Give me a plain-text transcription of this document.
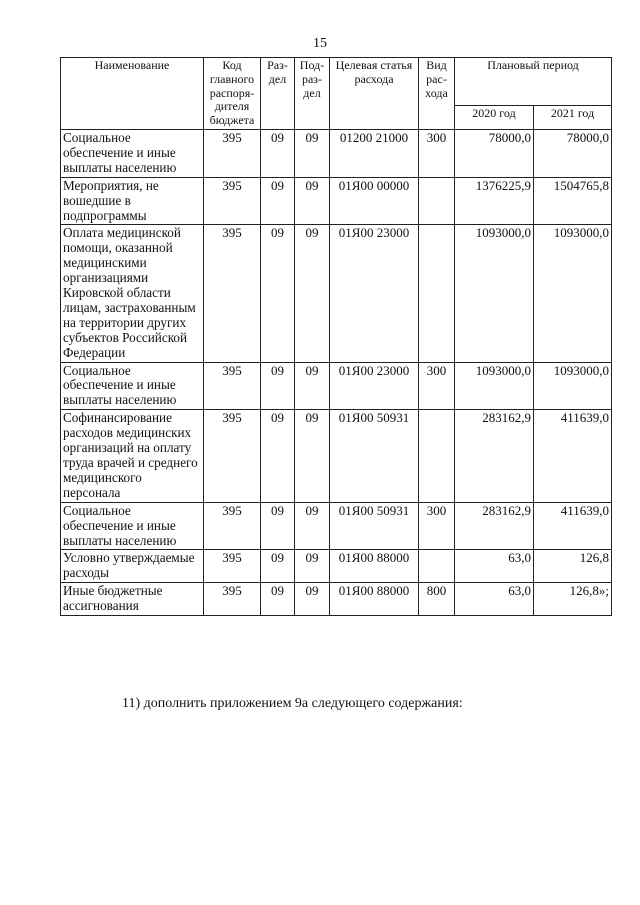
15
Наименование	Код главного распоря- дителя бюджета	Раз- дел	Под- раз- дел	Целевая статья расхода	Вид рас- хода	Плановый период	
						2020 год	2021 год
Социальное обеспечение и иные выплаты населению	395	09	09	01200 21000	300	78000,0	78000,0
Мероприятия, не вошедшие в подпрограммы	395	09	09	01Я00 00000		1376225,9	1504765,8
Оплата медицинской помощи, оказанной медицинскими организациями Кировской области лицам, застрахованным на территории других субъектов Российской Федерации	395	09	09	01Я00 23000		1093000,0	1093000,0
Социальное обеспечение и иные выплаты населению	395	09	09	01Я00 23000	300	1093000,0	1093000,0
Софинансирование расходов медицинских организаций на оплату труда врачей и среднего медицинского персонала	395	09	09	01Я00 50931		283162,9	411639,0
Социальное обеспечение и иные выплаты населению	395	09	09	01Я00 50931	300	283162,9	411639,0
Условно утверждаемые расходы	395	09	09	01Я00 88000		63,0	126,8
Иные бюджетные ассигнования	395	09	09	01Я00 88000	800	63,0	126,8»;
11) дополнить приложением 9а следующего содержания:
